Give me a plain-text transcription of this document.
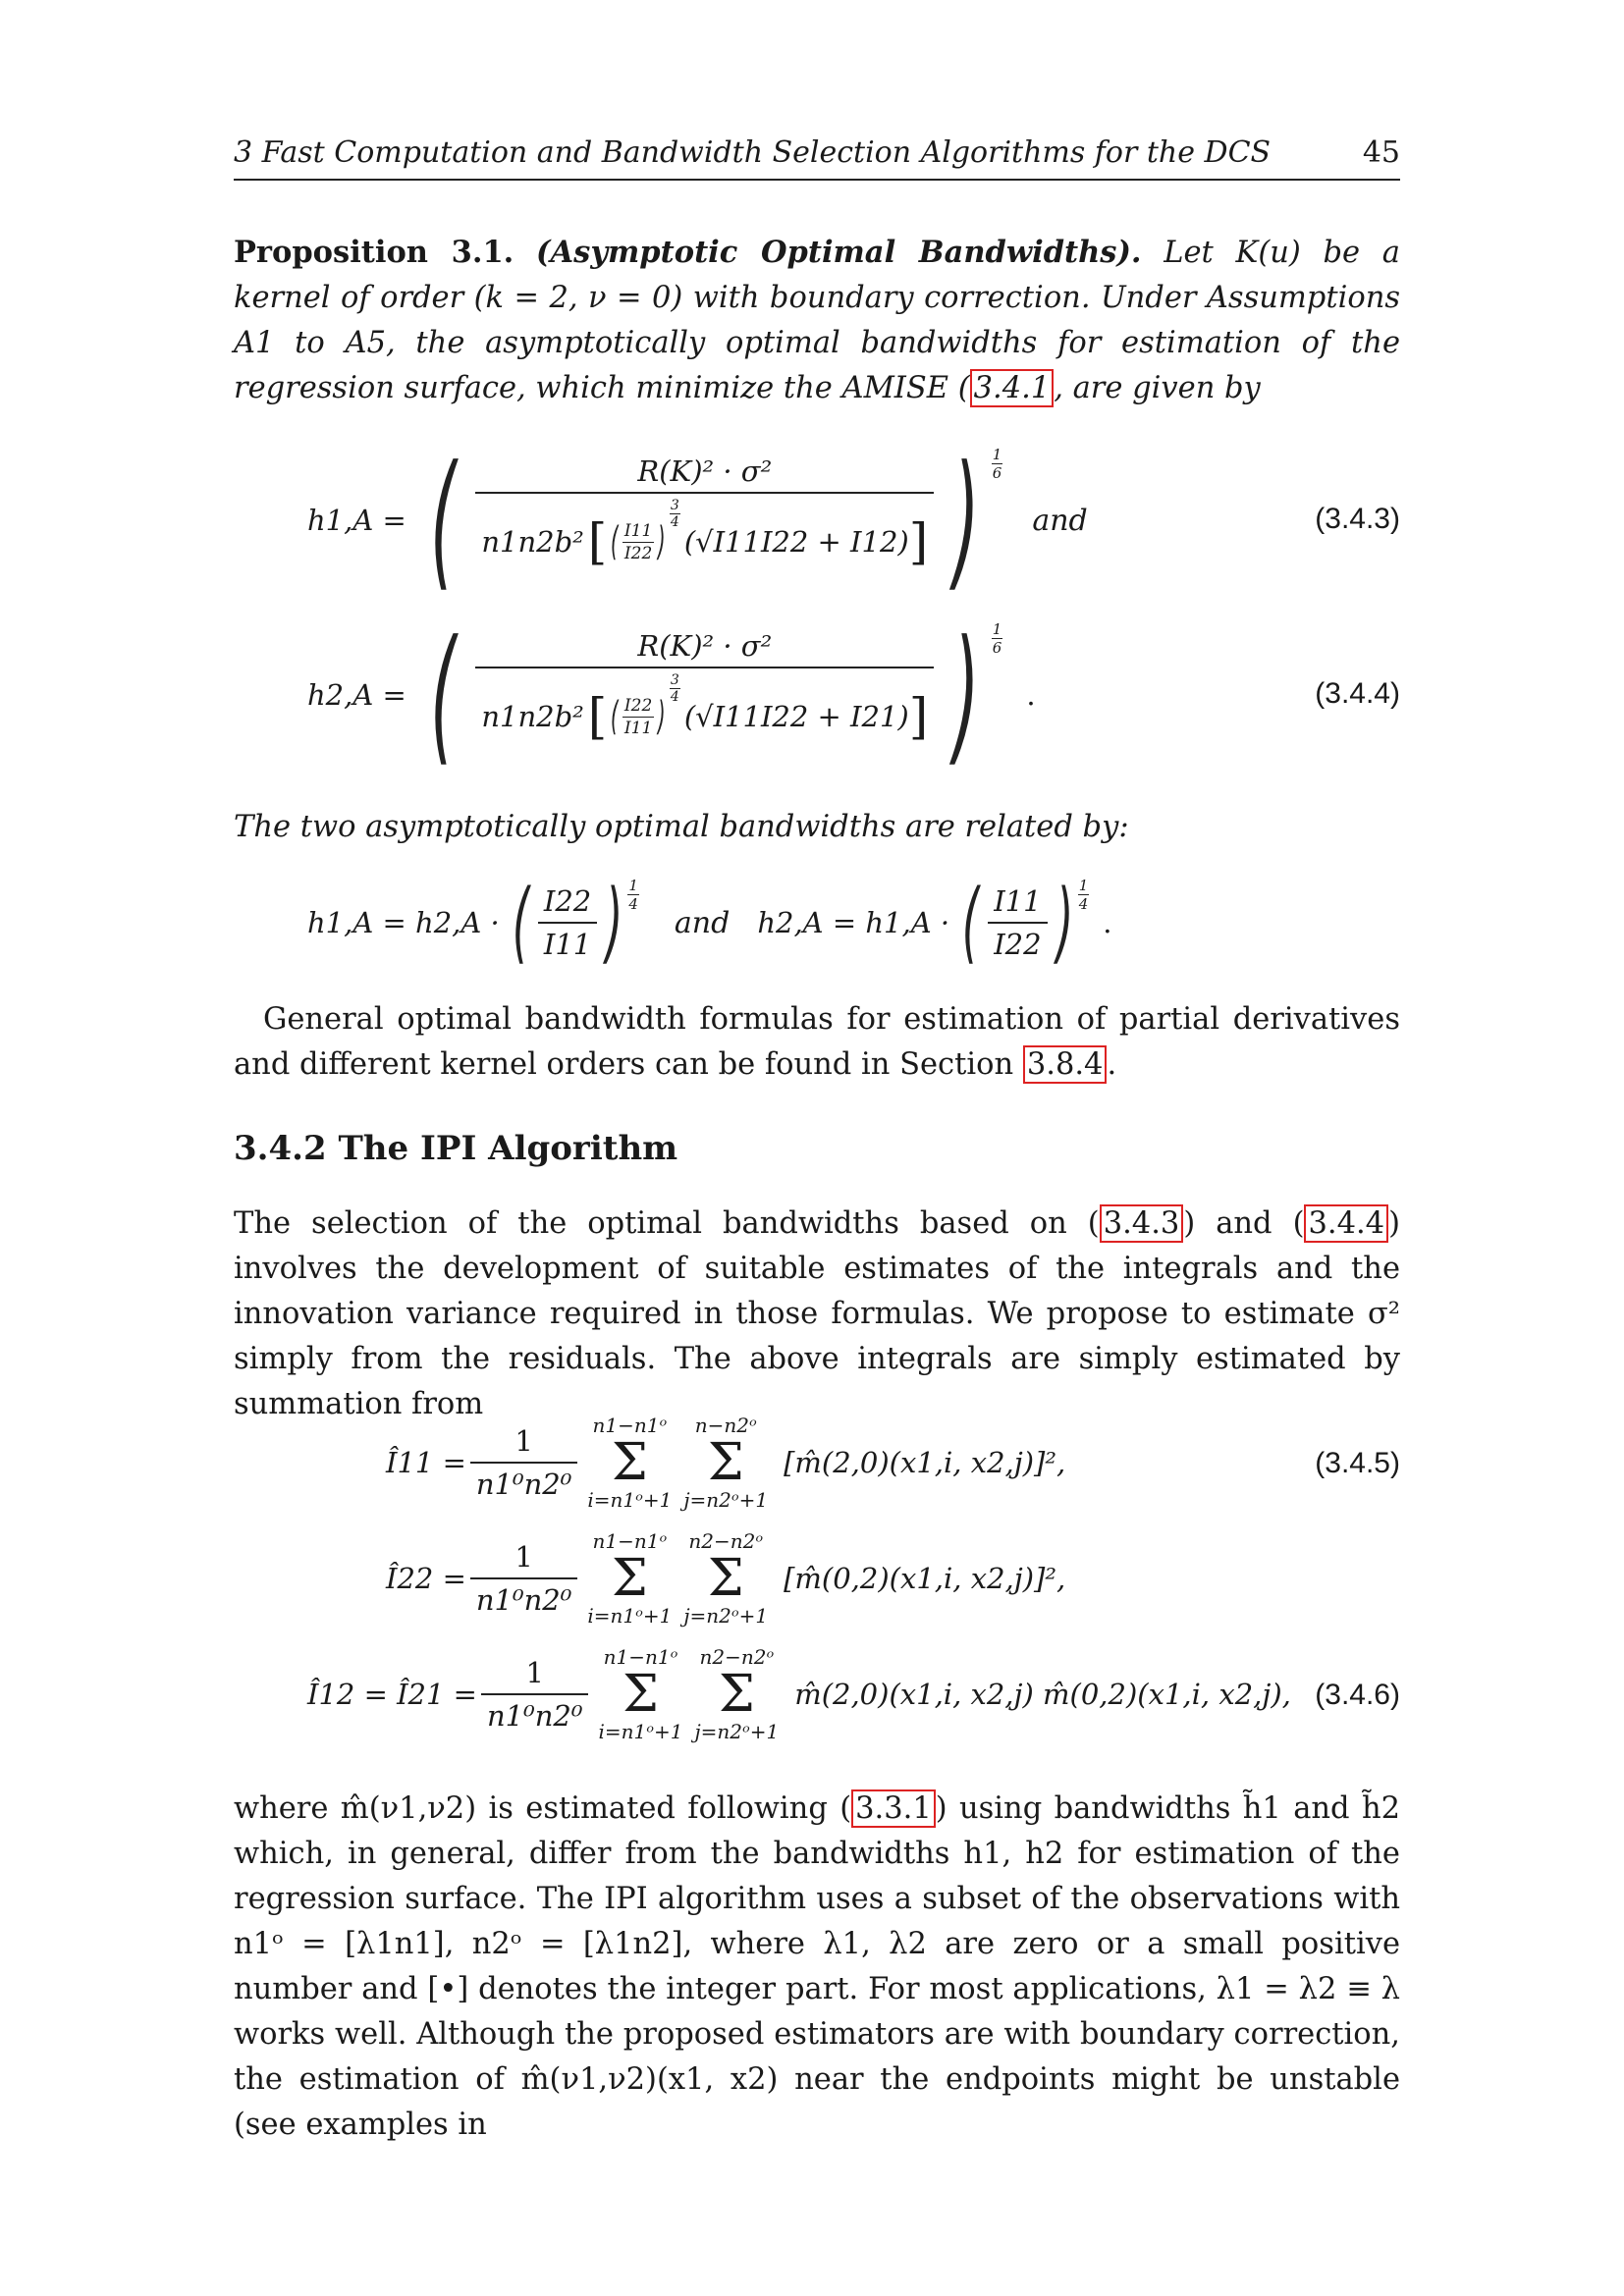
3 Fast Computation and Bandwidth Selection Algorithms for the DCS	45
Proposition 3.1. (Asymptotic Optimal Bandwidths). Let K(u) be a kernel of order (k = 2, ν = 0) with boundary correction. Under Assumptions A1 to A5, the asymptotically optimal bandwidths for estimation of the regression surface, which minimize the AMISE ( 3.4.1 , are given by
h1,A = (	R(K)² · σ²
n1n2b² [ ( $\frac{I11}{I22}$ )
$\frac{3}{4}$
(√I11I22 + I12) ] ) $\frac{1}{6}$
and	(3.4.3)
h2,A = (	R(K)² · σ²
n1n2b² [ ( $\frac{I22}{I11}$ )
$\frac{3}{4}$
(√I11I22 + I21) ] ) $\frac{1}{6}$
.	(3.4.4)
The two asymptotically optimal bandwidths are related by:
h1,A = h2,A · ( $\frac{I22}{I11}$ ) $\frac{1}{4}$
and h2,A = h1,A · ( $\frac{I11}{I22}$ ) $\frac{1}{4}$
.
General optimal bandwidth formulas for estimation of partial derivatives and different kernel orders can be found in Section 3.8.4 .
3.4.2 The IPI Algorithm
The selection of the optimal bandwidths based on ( 3.4.3 ) and ( 3.4.4 ) involves the development of suitable estimates of the integrals and the innovation variance required in those formulas. We propose to estimate σ² simply from the residuals. The above integrals are simply estimated by summation from
Î11 = $\frac{1}{\text{n1⁰n2⁰}}$ n1−n1ᵒ
Σ
i=n1ᵒ+1
n−n2ᵒ
Σ
j=n2ᵒ+1
[m̂(2,0)(x1,i, x2,j)]²,	(3.4.5)
Î22 = $\frac{1}{\text{n1⁰n2⁰}}$ n1−n1ᵒ
Σ
i=n1ᵒ+1
n2−n2ᵒ
Σ
j=n2ᵒ+1
[m̂(0,2)(x1,i, x2,j)]²,
Î12 = Î21 = $\frac{1}{\text{n1⁰n2⁰}}$ n1−n1ᵒ
Σ
i=n1ᵒ+1
n2−n2ᵒ
Σ
j=n2ᵒ+1
m̂(2,0)(x1,i, x2,j) m̂(0,2)(x1,i, x2,j), (3.4.6)
where m̂(ν1,ν2) is estimated following ( 3.3.1 ) using bandwidths h̃1 and h̃2 which, in general, differ from the bandwidths h1, h2 for estimation of the regression surface. The IPI algorithm uses a subset of the observations with n1ᵒ = [λ1n1], n2ᵒ = [λ1n2], where λ1, λ2 are zero or a small positive number and [•] denotes the integer part. For most applications, λ1 = λ2 ≡ λ works well. Although the proposed estimators are with boundary correction, the estimation of m̂(ν1,ν2)(x1, x2) near the endpoints might be unstable (see examples in
